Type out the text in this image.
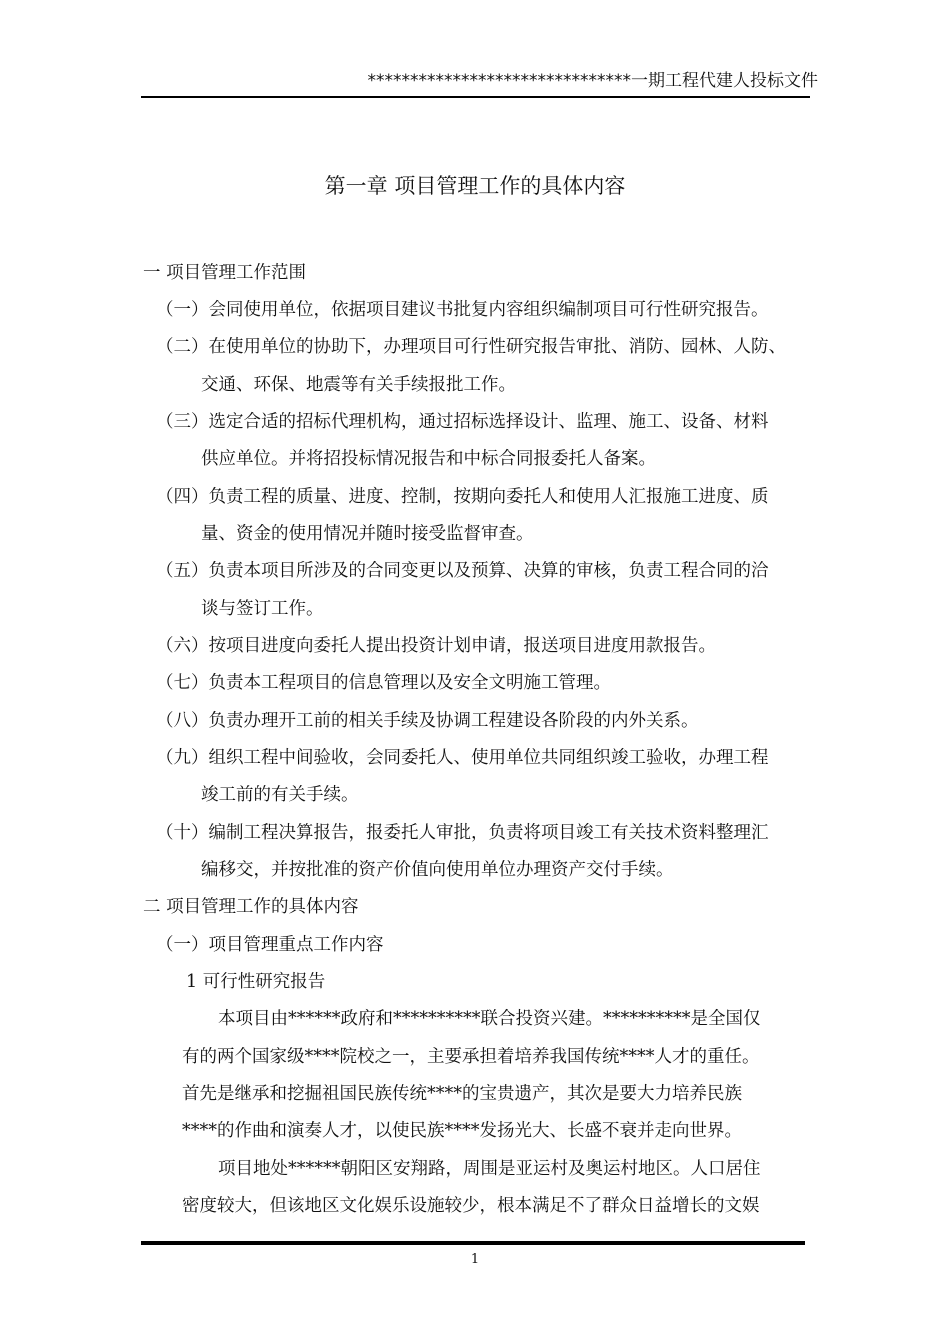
*******************************一期工程代建人投标文件
第一章 项目管理工作的具体内容
一 项目管理工作范围
（一）会同使用单位，依据项目建议书批复内容组织编制项目可行性研究报告。
（二）在使用单位的协助下，办理项目可行性研究报告审批、消防、园林、人防、
交通、环保、地震等有关手续报批工作。
（三）选定合适的招标代理机构，通过招标选择设计、监理、施工、设备、材料
供应单位。并将招投标情况报告和中标合同报委托人备案。
（四）负责工程的质量、进度、控制，按期向委托人和使用人汇报施工进度、质
量、资金的使用情况并随时接受监督审查。
（五）负责本项目所涉及的合同变更以及预算、决算的审核，负责工程合同的洽
谈与签订工作。
（六）按项目进度向委托人提出投资计划申请，报送项目进度用款报告。
（七）负责本工程项目的信息管理以及安全文明施工管理。
（八）负责办理开工前的相关手续及协调工程建设各阶段的内外关系。
（九）组织工程中间验收，会同委托人、使用单位共同组织竣工验收，办理工程
竣工前的有关手续。
（十）编制工程决算报告，报委托人审批，负责将项目竣工有关技术资料整理汇
编移交，并按批准的资产价值向使用单位办理资产交付手续。
二 项目管理工作的具体内容
（一）项目管理重点工作内容
1 可行性研究报告
本项目由******政府和**********联合投资兴建。**********是全国仅
有的两个国家级****院校之一，主要承担着培养我国传统****人才的重任。
首先是继承和挖掘祖国民族传统****的宝贵遗产，其次是要大力培养民族
****的作曲和演奏人才，以使民族****发扬光大、长盛不衰并走向世界。
项目地处******朝阳区安翔路，周围是亚运村及奥运村地区。人口居住
密度较大，但该地区文化娱乐设施较少，根本满足不了群众日益增长的文娱
1
